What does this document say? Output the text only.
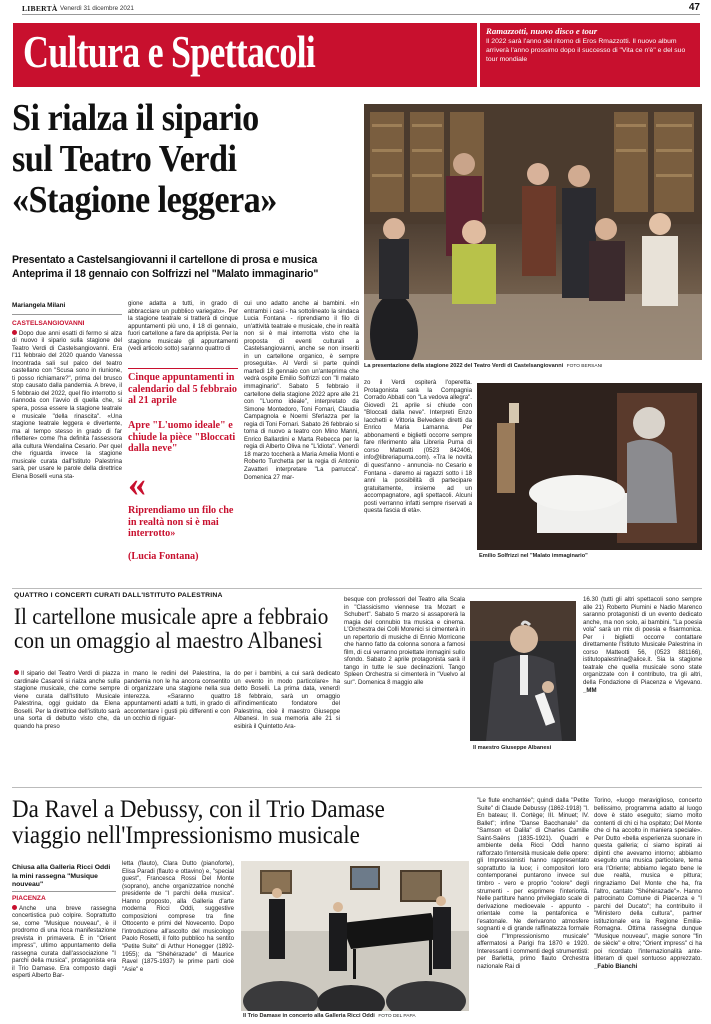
LIBERTÀ Venerdì 31 dicembre 2021	47
Cultura e Spettacoli	Ramazzotti, nuovo disco e tour
Il 2022 sarà l'anno del ritorno di Eros Rmazzotti. Il nuovo album arriverà l'anno prossimo dopo il successo di "Vita ce n'è" e del suo tour mondiale
Si rialza il sipario
sul Teatro Verdi
«Stagione leggera»
Presentato a Castelsangiovanni il cartellone di prosa e musica
Anteprima il 18 gennaio con Solfrizzi nel "Malato immaginario"
La presentazione della stagione 2022 del Teatro Verdi di Castelsangiovanni FOTO BERSANI
Mariangela Milani
CASTELSANGIOVANNI

Dopo due anni esatti di fermo si alza di nuovo il sipario sulla stagione del Teatro Verdi di Castelsangiovanni. Era l'11 febbraio del 2020 quando Vanessa Incontrada sali sul palco del teatro castellano con "Scusa sono in riunione, ti posso richiamare?", prima del brusco stop causato dalla pandemia. A breve, il 5 febbraio del 2022, quel filo interrotto si riannoda con l'avvio di quella che, si spera, possa essere la stagione teatrale e musicale "della rinascita". «Una stagione teatrale leggera e divertente, ma al tempo stesso in grado di far riflettere» come l'ha definita l'assessora alla cultura Wendalina Cesario. Per quel che riguarda invece la stagione musicale curata dall'Istituto Palestrina sarà, per usare le parole della direttrice Elena Boselli «una sta-

gione adatta a tutti, in grado di abbracciare un pubblico variegato». Per la stagione teatrale si tratterà di cinque appuntamenti più uno, il 18 di gennaio, fuori cartellone a fare da apripista. Per la stagione musicale gli appuntamenti (vedi articolo sotto) saranno quattro di

Cinque appuntamenti in calendario dal 5 febbraio al 21 aprile
Apre "L'uomo ideale" e chiude la pièce "Bloccati dalla neve"
«
Riprendiamo un filo che in realtà non si è mai interrotto»
(Lucia Fontana)

cui uno adatto anche ai bambini. «In entrambi i casi - ha sottolineato la sindaca Lucia Fontana - riprendiamo il filo di un'attività teatrale e musicale, che in realtà non si è mai interrotta visto che la proposta di eventi culturali a Castelsangiovanni, anche se non inseriti in un cartellone organico, è sempre proseguita». Al Verdi si parte quindi martedì 18 gennaio con un'anteprima che vedrà ospite Emilio Solfrizzi con "Il malato immaginario". Sabato 5 febbraio il cartellone della stagione 2022 apre alle 21 con "L'uomo ideale", interpretato da Simone Montedoro, Toni Fornari, Claudia Campagnola e Noemi Sferlazza per la regia di Toni Fornari. Sabato 26 febbraio si torna di nuovo a teatro con Mino Manni, Enrico Ballardini e Marta Rebecca per la regia di Alberto Oliva ne "L'idiota". Venerdì 18 marzo toccherà a Maria Amelia Monti e Roberto Turchetta per la regia di Antonio Zavatteri interpretare "La parrucca". Domenica 27 mar-

zo il Verdi ospiterà l'operetta. Protagonista sarà la Compagnia Corrado Abbati con "La vedova allegra". Giovedì 21 aprile si chiude con "Bloccati dalla neve". Interpreti Enzo Iacchetti e Vittoria Belvedere diretti da Enrico Maria Lamanna. Per abbonamenti e biglietti occorre sempre fare riferimento alla Libreria Puma di corso Matteotti (0523 842406, info@libreriapuma.com). «Tra le novità di quest'anno - annuncia- no Cesario e Fontana - daremo ai ragazzi sotto i 18 anni la possibilità di partecipare gratuitamente, insieme ad un accompagnatore, agli spettacoli. Alcuni posti verranno infatti sempre riservati a questa fascia di età».

Emilio Solfrizzi nel "Malato immaginario"
QUATTRO I CONCERTI CURATI DALL'ISTITUTO PALESTRINA
Il cartellone musicale apre a febbraio
con un omaggio al maestro Albanesi

Il sipario del Teatro Verdi di piazza cardinale Casaroli si rialza anche sulla stagione musicale, che come sempre viene curata dall'Istituto Musicale Palestrina, oggi guidato da Elena Boselli. Per la direttrice dell'istituto sarà una sorta di debutto visto che, da quando ha preso

in mano le redini del Palestrina, la pandemia non le ha ancora consentito di organizzare una stagione nella sua interezza. «Saranno quattro appuntamenti adatti a tutti, in grado di accontentare i gusti più differenti e con un occhio di riguar-

do per i bambini, a cui sarà dedicato un evento in modo particolare» ha detto Boselli. La prima data, venerdì 18 febbraio, sarà un omaggio all'indimenticato fondatore del Palestrina, cioè il maestro Giuseppe Albanesi. In sua memoria alle 21 si esibirà il Quintetto Ara-

besque con professori del Teatro alla Scala in "Classicismo viennese tra Mozart e Schubert". Sabato 5 marzo si assaporerà la magia del connubio tra musica e cinema. L'Orchestra dei Colli Morenici si cimenterà in un repertorio di musiche di Ennio Morricone che hanno fatto da colonna sonora a famosi film, di cui verranno proiettate immagini sullo sfondo. Sabato 2 aprile protagonista sarà il tango in tutte le sue declinazioni. Tango Spleen Orchestra si cimenterà in "Vuelvo al sur". Domenica 8 maggio alle

Il maestro Giuseppe Albanesi

16.30 (tutti gli altri spettacoli sono sempre alle 21) Roberto Piumini e Nadio Marenco saranno protagonisti di un evento dedicato anche, ma non solo, ai bambini. "La poesia vola" sarà un mix di poesia e fisarmonica. Per i biglietti occorre contattare direttamente l'Istituto Musicale Palestrina in corso Matteotti 56, (0523 881166), istitutopalestrina@alice.it. Sia la stagione teatrale che quella musicale sono state organizzate con il contributo, tra gli altri, della Fondazione di Piacenza e Vigevano. _MM

Da Ravel a Debussy, con il Trio Damase
viaggio nell'Impressionismo musicale
Chiusa alla Galleria Ricci Oddi la mini rassegna "Musique nouveau"
PIACENZA

Anche una breve rassegna concertistica può colpire. Soprattutto se, come "Musique nouveau", è il prodromo di una ricca manifestazione prevista in primavera. È in "Orient impress", ultimo appuntamento della rassegna curata dall'associazione "I parchi della musica", protagonista era il Trio Damase. Era composto dagli esperti Alberto Bar-

letta (flauto), Clara Dutto (pianoforte), Elisa Paradi (flauto e ottavino) e, "special guest", Francesca Rossi Del Monte (soprano), anche organizzatrice nonché presidente de "I parchi della musica". Hanno proposto, alla Galleria d'arte moderna Ricci Oddi, suggestive composizioni comprese tra fine Ottocento e primi del Novecento. Dopo l'introduzione all'ascolto del musicologo Paolo Rosetti, il folto pubblico ha sentito "Petite Suite" di Arthur Honegger (1892-1955); da "Shéhérazade" di Maurice Ravel (1875-1937) le prime parti cioè "Asie" e

Il Trio Damase in concerto alla Galleria Ricci Oddi FOTO DEL PAPA

"Le flute enchantée"; quindi dalla "Petite Suite" di Claude Debussy (1862-1918) "I. En bateau; II. Cortège; III. Minuet; IV. Ballet"; infine "Danse Bacchanale" da "Samson et Dalila" di Charles Camille Saint-Saëns (1835-1921). Quadri e ambiente della Ricci Oddi hanno rafforzato l'intensità musicale delle opere: gli Impressionisti hanno rappresentato soprattutto la luce; i compositori loro contemporanei puntarono invece sul timbro - vero e proprio "colore" degli strumenti - per esprimere l'interiorità. Nelle partiture hanno privilegiato scale di derivazione medioevale - appunto - orientale come la pentafonica e l'esatonale. Ne derivarono atmosfere sognanti e di grande raffinatezza formale cioè l'"Impressionismo musicale" affermatosi a Parigi fra 1870 e 1920. Interessanti i commenti degli strumentisti: per Barletta, primo flauto Orchestra nazionale Rai di

Torino, «luogo meraviglioso, concerto bellissimo, programma adatto al luogo dove è stato eseguito; siamo molto contenti di chi ci ha ospitato; Del Monte che ci ha accolto in maniera speciale». Per Dutto «bella esperienza suonare in questa galleria; ci siamo ispirati ai dipinti che avevamo intorno; abbiamo eseguito una musica particolare, tema era l'Oriente; abbiamo legato bene le due realtà, musica e pittura; ringraziamo Del Monte che ha, fra l'altro, cantato "Shéhérazade"». Hanno patrocinato Comune di Piacenza e "I parchi del Ducato"; ha contribuito il "Ministero della cultura", partner istituzionale era la Regione Emilia-Romagna. Ottima rassegna dunque "Musique nouveau", magie sonore "fin de siècle" e oltre; "Orient impress" ci ha poi ricordato l'internazionalità ante-litteram di quel sontuoso apprezzato. _Fabio Bianchi
